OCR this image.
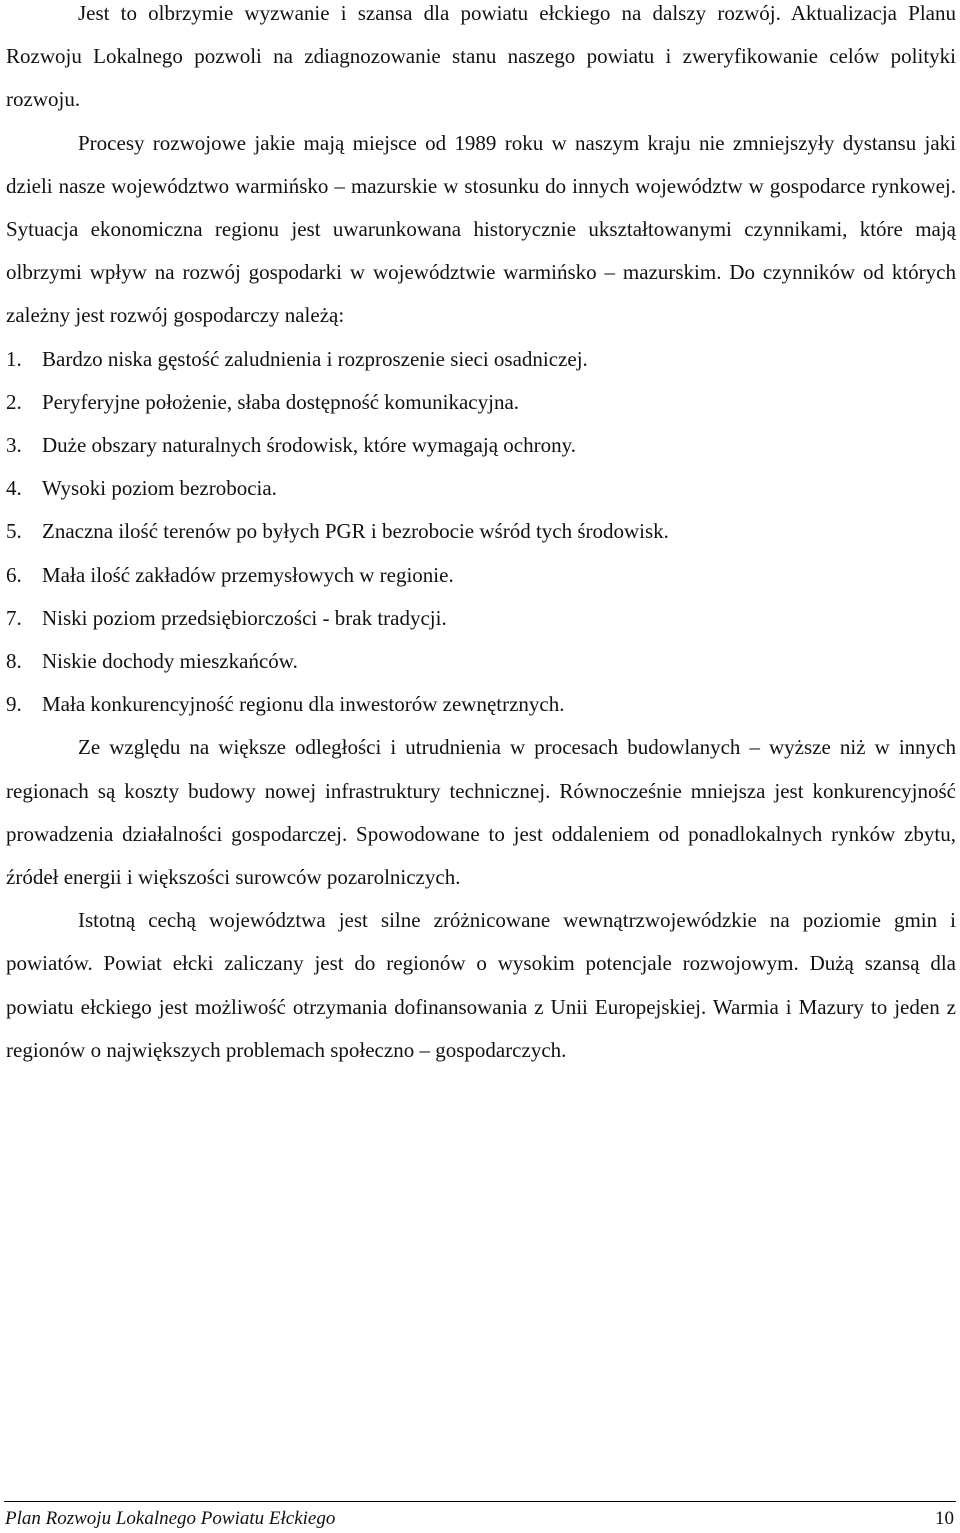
Jest to olbrzymie wyzwanie i szansa dla powiatu ełckiego na dalszy rozwój. Aktualizacja Planu Rozwoju Lokalnego pozwoli na zdiagnozowanie stanu naszego powiatu i zweryfikowanie celów polityki rozwoju.

Procesy rozwojowe jakie mają miejsce od 1989 roku w naszym kraju nie zmniejszyły dystansu jaki dzieli nasze województwo warmińsko – mazurskie w stosunku do innych województw w gospodarce rynkowej. Sytuacja ekonomiczna regionu jest uwarunkowana historycznie ukształtowanymi czynnikami, które mają olbrzymi wpływ na rozwój gospodarki w województwie warmińsko – mazurskim. Do czynników od których zależny jest rozwój gospodarczy należą:

1. Bardzo niska gęstość zaludnienia i rozproszenie sieci osadniczej.
2. Peryferyjne położenie, słaba dostępność komunikacyjna.
3. Duże obszary naturalnych środowisk, które wymagają ochrony.
4. Wysoki poziom bezrobocia.
5. Znaczna ilość terenów po byłych PGR i bezrobocie wśród tych środowisk.
6. Mała ilość zakładów przemysłowych w regionie.
7. Niski poziom przedsiębiorczości - brak tradycji.
8. Niskie dochody mieszkańców.
9. Mała konkurencyjność regionu dla inwestorów zewnętrznych.

Ze względu na większe odległości i utrudnienia w procesach budowlanych – wyższe niż w innych regionach są koszty budowy nowej infrastruktury technicznej. Równocześnie mniejsza jest konkurencyjność prowadzenia działalności gospodarczej. Spowodowane to jest oddaleniem od ponadlokalnych rynków zbytu, źródeł energii i większości surowców pozarolniczych.

Istotną cechą województwa jest silne zróżnicowane wewnątrzwojewódzkie na poziomie gmin i powiatów. Powiat ełcki zaliczany jest do regionów o wysokim potencjale rozwojowym. Dużą szansą dla powiatu ełckiego jest możliwość otrzymania dofinansowania z Unii Europejskiej. Warmia i Mazury to jeden z regionów o największych problemach społeczno – gospodarczych.

Plan Rozwoju Lokalnego Powiatu Ełckiego	10
